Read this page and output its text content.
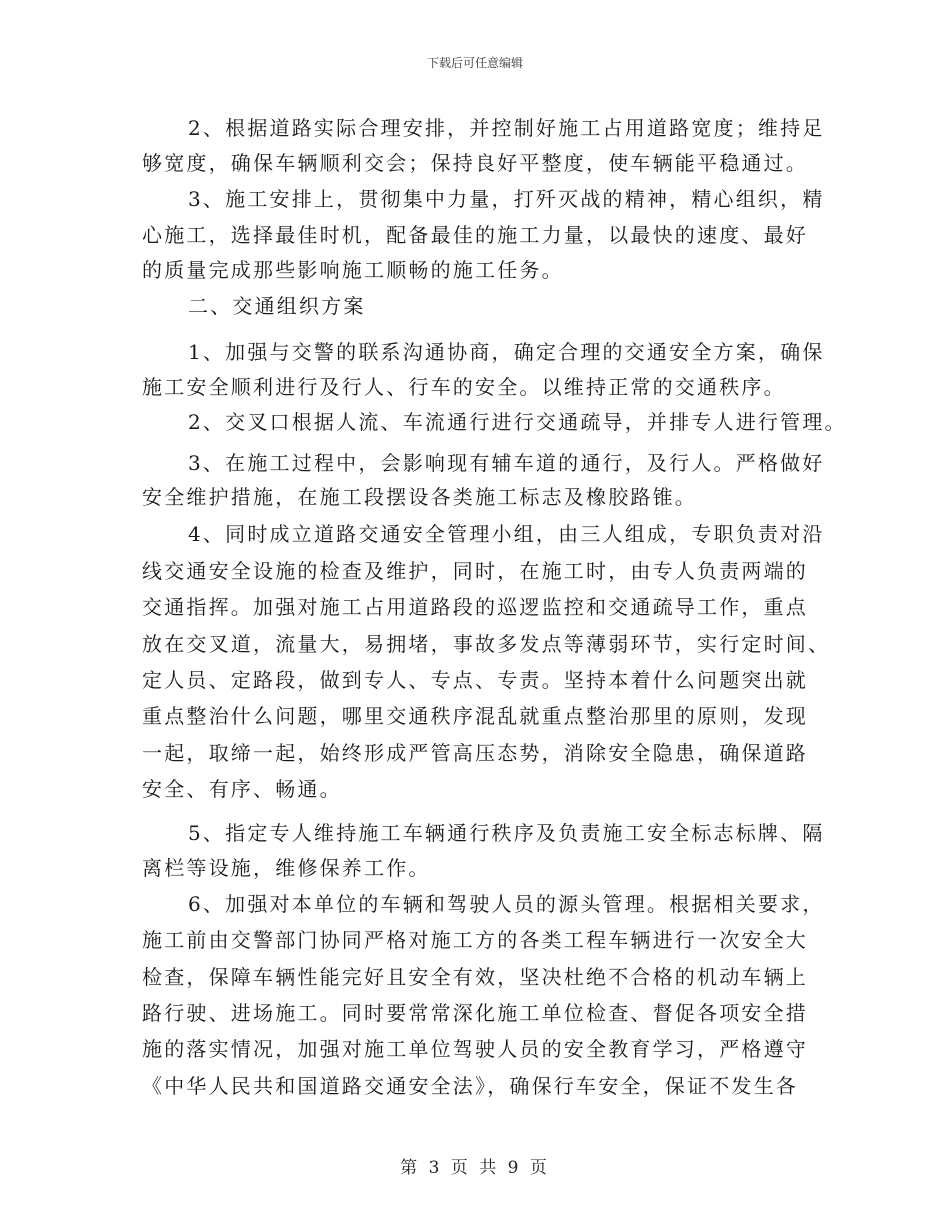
下载后可任意编辑
2、根据道路实际合理安排，并控制好施工占用道路宽度；维持足
够宽度，确保车辆顺利交会；保持良好平整度，使车辆能平稳通过。
3、施工安排上，贯彻集中力量，打歼灭战的精神，精心组织，精
心施工，选择最佳时机，配备最佳的施工力量，以最快的速度、最好
的质量完成那些影响施工顺畅的施工任务。
二、交通组织方案
1、加强与交警的联系沟通协商，确定合理的交通安全方案，确保
施工安全顺利进行及行人、行车的安全。以维持正常的交通秩序。
2、交叉口根据人流、车流通行进行交通疏导，并排专人进行管理。
3、在施工过程中，会影响现有辅车道的通行，及行人。严格做好
安全维护措施，在施工段摆设各类施工标志及橡胶路锥。
4、同时成立道路交通安全管理小组，由三人组成，专职负责对沿
线交通安全设施的检查及维护，同时，在施工时，由专人负责两端的
交通指挥。加强对施工占用道路段的巡逻监控和交通疏导工作，重点
放在交叉道，流量大，易拥堵，事故多发点等薄弱环节，实行定时间、
定人员、定路段，做到专人、专点、专责。坚持本着什么问题突出就
重点整治什么问题，哪里交通秩序混乱就重点整治那里的原则，发现
一起，取缔一起，始终形成严管高压态势，消除安全隐患，确保道路
安全、有序、畅通。
5、指定专人维持施工车辆通行秩序及负责施工安全标志标牌、隔
离栏等设施，维修保养工作。
6、加强对本单位的车辆和驾驶人员的源头管理。根据相关要求，
施工前由交警部门协同严格对施工方的各类工程车辆进行一次安全大
检查，保障车辆性能完好且安全有效，坚决杜绝不合格的机动车辆上
路行驶、进场施工。同时要常常深化施工单位检查、督促各项安全措
施的落实情况，加强对施工单位驾驶人员的安全教育学习，严格遵守
《中华人民共和国道路交通安全法》，确保行车安全，保证不发生各
第 3 页 共 9 页
